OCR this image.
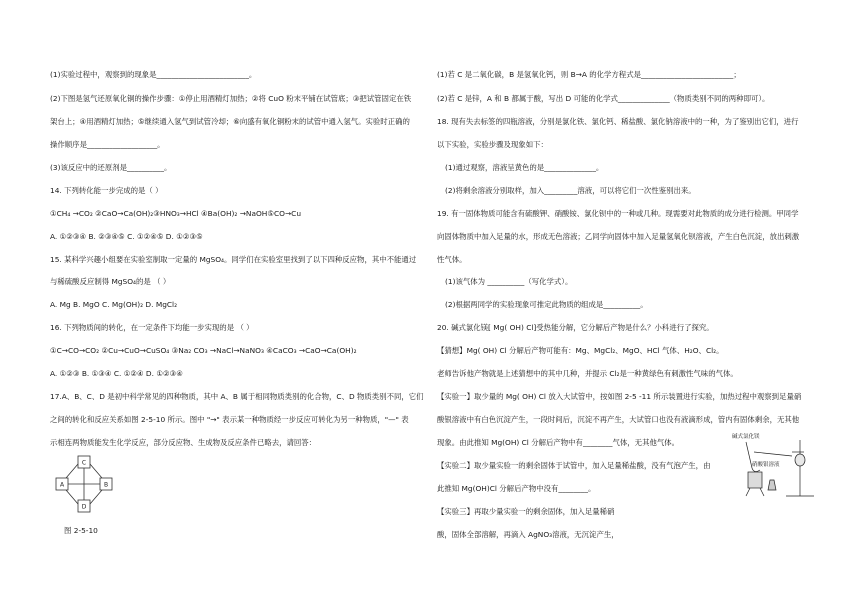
(1)实验过程中，观察到的现象是_________________________。
(2)下图是氢气还原氧化铜的操作步骤：①停止用酒精灯加热；②将 CuO 粉末平铺在试管底；③把试管固定在铁
架台上；④用酒精灯加热；⑤继续通入氢气到试管冷却；⑥向盛有氧化铜粉末的试管中通入氢气。实验时正确的
操作顺序是___________________。
(3)该反应中的还原剂是__________。
14. 下列转化能一步完成的是（ ）
①CH₄ →CO₂ ②CaO→Ca(OH)₂③HNO₃→HCl ④Ba(OH)₂ →NaOH⑤CO→Cu
A. ①②③④ B. ②③④⑤ C. ①②④⑤ D. ①②③⑤
15. 某科学兴趣小组要在实验室制取一定量的 MgSO₄。同学们在实验室里找到了以下四种反应物，其中不能通过
与稀硫酸反应制得 MgSO₄的是 （ ）
A. Mg B. MgO C. Mg(OH)₂ D. MgCl₂
16. 下列物质间的转化，在一定条件下均能一步实现的是 （ ）
①C→CO→CO₂ ②Cu→CuO→CuSO₄ ③Na₂ CO₃ →NaCl→NaNO₃ ④CaCO₃ →CaO→Ca(OH)₂
A. ①②③ B. ①③④ C. ①②④ D. ①②③④
17.A、B、C、D 是初中科学常见的四种物质，其中 A、B 属于相同物质类别的化合物，C、D 物质类别不同，它们
之间的转化和反应关系如图 2-5-10 所示。图中 "→" 表示某一种物质经一步反应可转化为另一种物质，"—" 表
示相连两物质能发生化学反应，部分反应物、生成物及反应条件已略去，请回答：
C
A	B
D
图 2-5-10
(1)若 C 是二氧化碳，B 是氢氧化钙，则 B→A 的化学方程式是_________________________；
(2)若 C 是锌，A 和 B 都属于酸，写出 D 可能的化学式______________（物质类别不同的两种即可）。
18. 现有失去标签的四瓶溶液，分别是氯化铁、氯化钙、稀盐酸、氯化钠溶液中的一种，为了鉴别出它们，进行
以下实验，实验步骤及现象如下：
(1)通过观察，溶液呈黄色的是______________。
(2)将剩余溶液分别取样，加入_________溶液，可以将它们一次性鉴别出来。
19. 有一固体物质可能含有硫酸钾、硝酸铵、氯化钡中的一种或几种。现需要对此物质的成分进行检测。甲同学
向固体物质中加入足量的水，形成无色溶液；乙同学向固体中加入足量氢氧化钡溶液，产生白色沉淀，放出刺激
性气体。
(1)该气体为 __________（写化学式）。
(2)根据两同学的实验现象可推定此物质的组成是__________。
20. 碱式氯化镁[ Mg( OH) Cl]受热能分解，它分解后产物是什么？小科进行了探究。
【猜想】Mg( OH) Cl 分解后产物可能有：Mg、MgCl₂、MgO、HCl 气体、H₂O、Cl₂。
老师告诉他产物就是上述猜想中的其中几种，并提示 Cl₂是一种黄绿色有刺激性气味的气体。
【实验一】取少量的 Mg( OH) Cl 放入大试管中，按如图 2-5 -11 所示装置进行实验，加热过程中观察到足量硝
酸银溶液中有白色沉淀产生，一段时间后，沉淀不再产生，大试管口也没有液滴形成，管内有固体剩余，无其他
现象。由此推知 Mg(OH) Cl 分解后产物中有________气体，无其他气体。
【实验二】取少量实验一的剩余固体于试管中，加入足量稀盐酸，没有气泡产生，由
此推知 Mg(OH)Cl 分解后产物中没有________。
【实验三】再取少量实验一的剩余固体，加入足量稀硝
酸，固体全部溶解，再滴入 AgNO₃溶液，无沉淀产生，
碱式氯化镁
硝酸银溶液
